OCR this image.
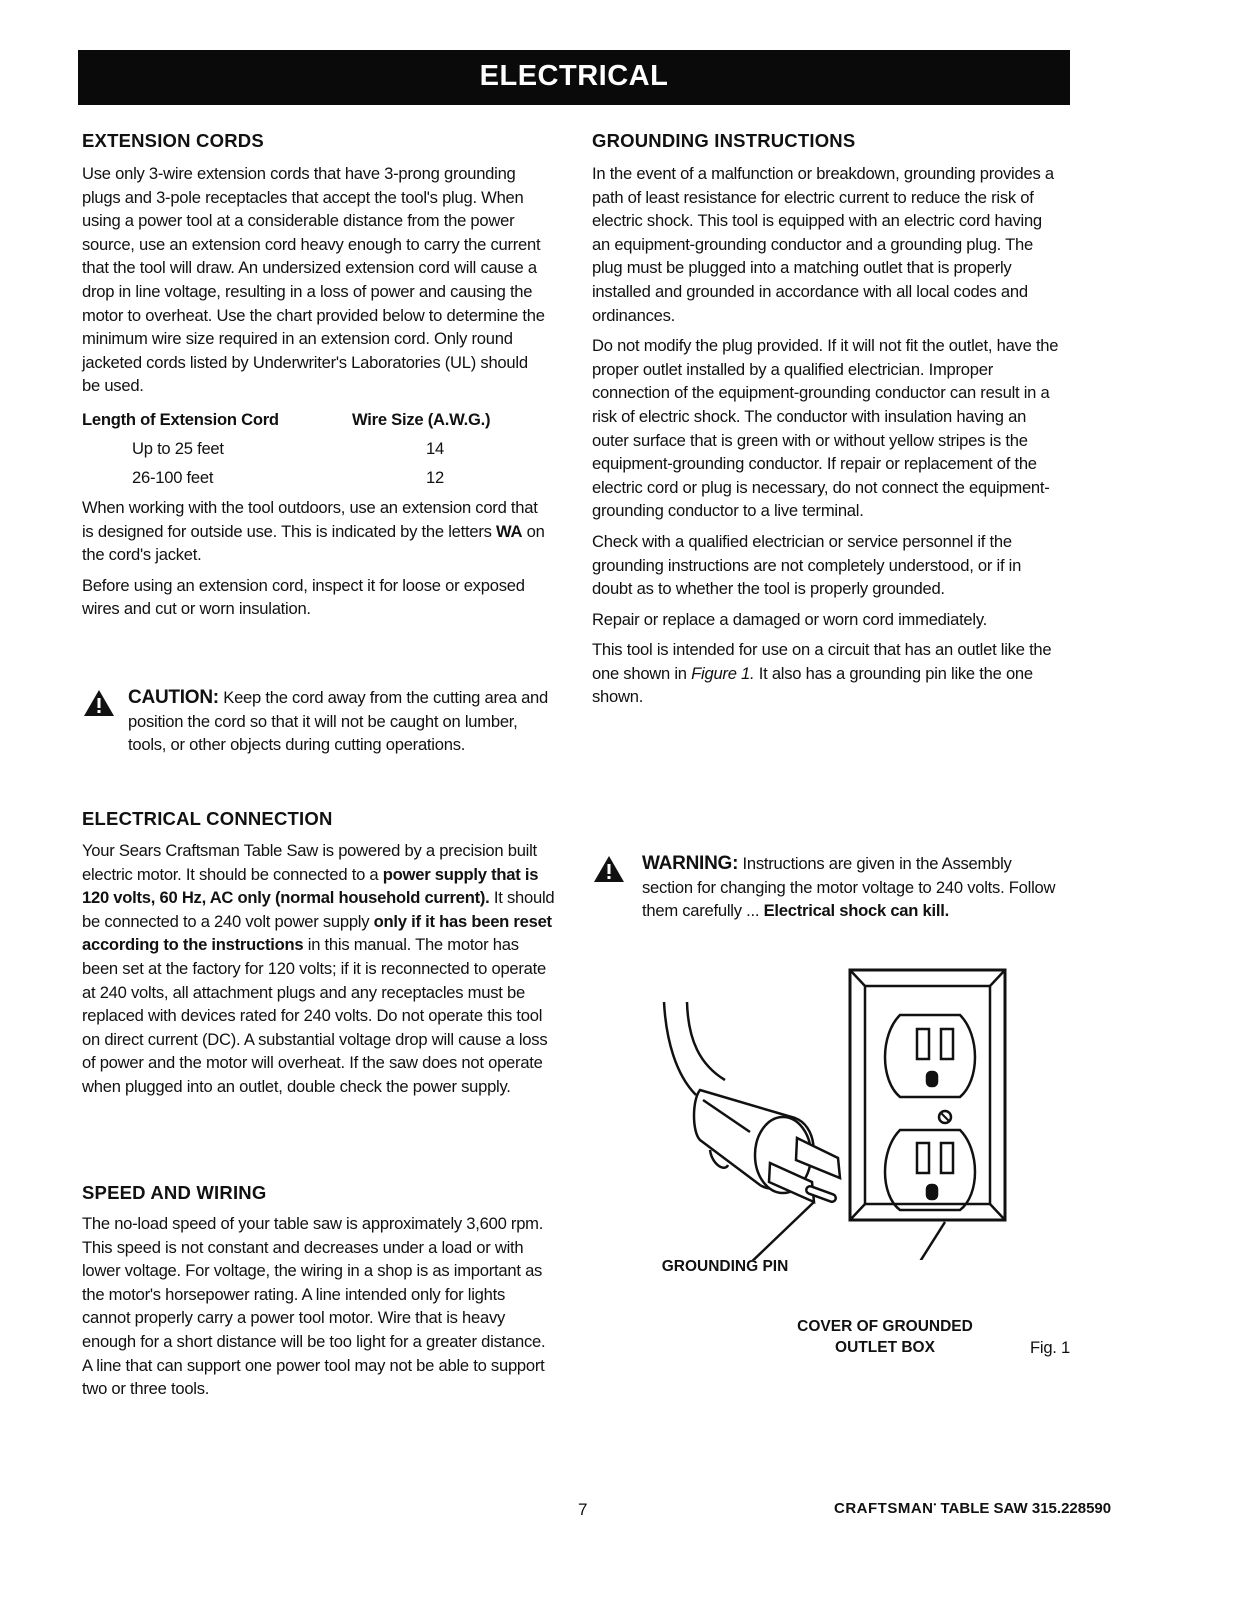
ELECTRICAL
EXTENSION CORDS

Use only 3-wire extension cords that have 3-prong grounding plugs and 3-pole receptacles that accept the tool's plug. When using a power tool at a considerable distance from the power source, use an extension cord heavy enough to carry the current that the tool will draw. An undersized extension cord will cause a drop in line voltage, resulting in a loss of power and causing the motor to overheat. Use the chart provided below to determine the minimum wire size required in an extension cord. Only round jacketed cords listed by Underwriter's Laboratories (UL) should be used.

Length of Extension Cord	Wire Size (A.W.G.)
Up to 25 feet	14
26-100 feet	12

When working with the tool outdoors, use an extension cord that is designed for outside use. This is indicated by the letters WA on the cord's jacket.

Before using an extension cord, inspect it for loose or exposed wires and cut or worn insulation.

CAUTION: Keep the cord away from the cutting area and position the cord so that it will not be caught on lumber, tools, or other objects during cutting operations.
ELECTRICAL CONNECTION

Your Sears Craftsman Table Saw is powered by a precision built electric motor. It should be connected to a power supply that is 120 volts, 60 Hz, AC only (normal household current). It should be connected to a 240 volt power supply only if it has been reset according to the instructions in this manual. The motor has been set at the factory for 120 volts; if it is reconnected to operate at 240 volts, all attachment plugs and any receptacles must be replaced with devices rated for 240 volts. Do not operate this tool on direct current (DC). A substantial voltage drop will cause a loss of power and the motor will overheat. If the saw does not operate when plugged into an outlet, double check the power supply.

SPEED AND WIRING
The no-load speed of your table saw is approximately 3,600 rpm. This speed is not constant and decreases under a load or with lower voltage. For voltage, the wiring in a shop is as important as the motor's horsepower rating. A line intended only for lights cannot properly carry a power tool motor. Wire that is heavy enough for a short distance will be too light for a greater distance. A line that can support one power tool may not be able to support two or three tools.
GROUNDING INSTRUCTIONS

In the event of a malfunction or breakdown, grounding provides a path of least resistance for electric current to reduce the risk of electric shock. This tool is equipped with an electric cord having an equipment-grounding conductor and a grounding plug. The plug must be plugged into a matching outlet that is properly installed and grounded in accordance with all local codes and ordinances.

Do not modify the plug provided. If it will not fit the outlet, have the proper outlet installed by a qualified electrician. Improper connection of the equipment-grounding conductor can result in a risk of electric shock. The conductor with insulation having an outer surface that is green with or without yellow stripes is the equipment-grounding conductor. If repair or replacement of the electric cord or plug is necessary, do not connect the equipment-grounding conductor to a live terminal.

Check with a qualified electrician or service personnel if the grounding instructions are not completely understood, or if in doubt as to whether the tool is properly grounded.

Repair or replace a damaged or worn cord immediately.

This tool is intended for use on a circuit that has an outlet like the one shown in Figure 1. It also has a grounding pin like the one shown.

WARNING: Instructions are given in the Assembly section for changing the motor voltage to 240 volts. Follow them carefully ... Electrical shock can kill.
GROUNDING PIN
COVER OF GROUNDED OUTLET BOX	Fig. 1
7	CRAFTSMAN• TABLE SAW 315.228590
